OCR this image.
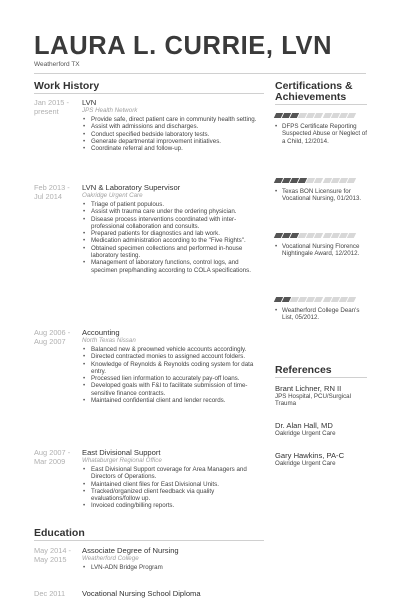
LAURA L. CURRIE, LVN
Weatherford TX
Work History
Jan 2015 - present
LVN
JPS Health Network
• Provide safe, direct patient care in community health setting.
• Assist with admissions and discharges.
• Conduct specified bedside laboratory tests.
• Generate departmental improvement initiatives.
• Coordinate referral and follow-up.
Feb 2013 - Jul 2014
LVN & Laboratory Supervisor
Oakridge Urgent Care
• Triage of patient populous.
• Assist with trauma care under the ordering physician.
• Disease process interventions coordinated with inter-professional collaboration and consults.
• Prepared patients for diagnostics and lab work.
• Medication administration according to the "Five Rights".
• Obtained specimen collections and performed in-house laboratory testing.
• Management of laboratory functions, control logs, and specimen prep/handling according to COLA specifications.
Aug 2006 - Aug 2007
Accounting
North Texas Nissan
• Balanced new & preowned vehicle accounts accordingly.
• Directed contracted monies to assigned account folders.
• Knowledge of Reynolds & Reynolds coding system for data entry.
• Processed lien information to accurately pay-off loans.
• Developed goals with F&I to facilitate submission of time-sensitive finance contracts.
• Maintained confidential client and lender records.
Aug 2007 - Mar 2009
East Divisional Support
Whataburger Regional Office
• East Divisional Support coverage for Area Managers and Directors of Operations.
• Maintained client files for East Divisional Units.
• Tracked/organized client feedback via quality evaluations/follow up.
• Invoiced coding/billing reports.
Education
May 2014 - May 2015
Associate Degree of Nursing
Weatherford College
• LVN-ADN Bridge Program
Dec 2011	Vocational Nursing School Diploma
Certifications &
Achievements
• DFPS Certificate Reporting Suspected Abuse or Neglect of a Child, 12/2014.
• Texas BON Licensure for Vocational Nursing, 01/2013.
• Vocational Nursing Florence Nightingale Award, 12/2012.
• Weatherford College Dean's List, 05/2012.
References
Brant Lichner, RN II
JPS Hospital, PCU/Surgical Trauma
Dr. Alan Hall, MD
Oakridge Urgent Care
Gary Hawkins, PA-C
Oakridge Urgent Care
